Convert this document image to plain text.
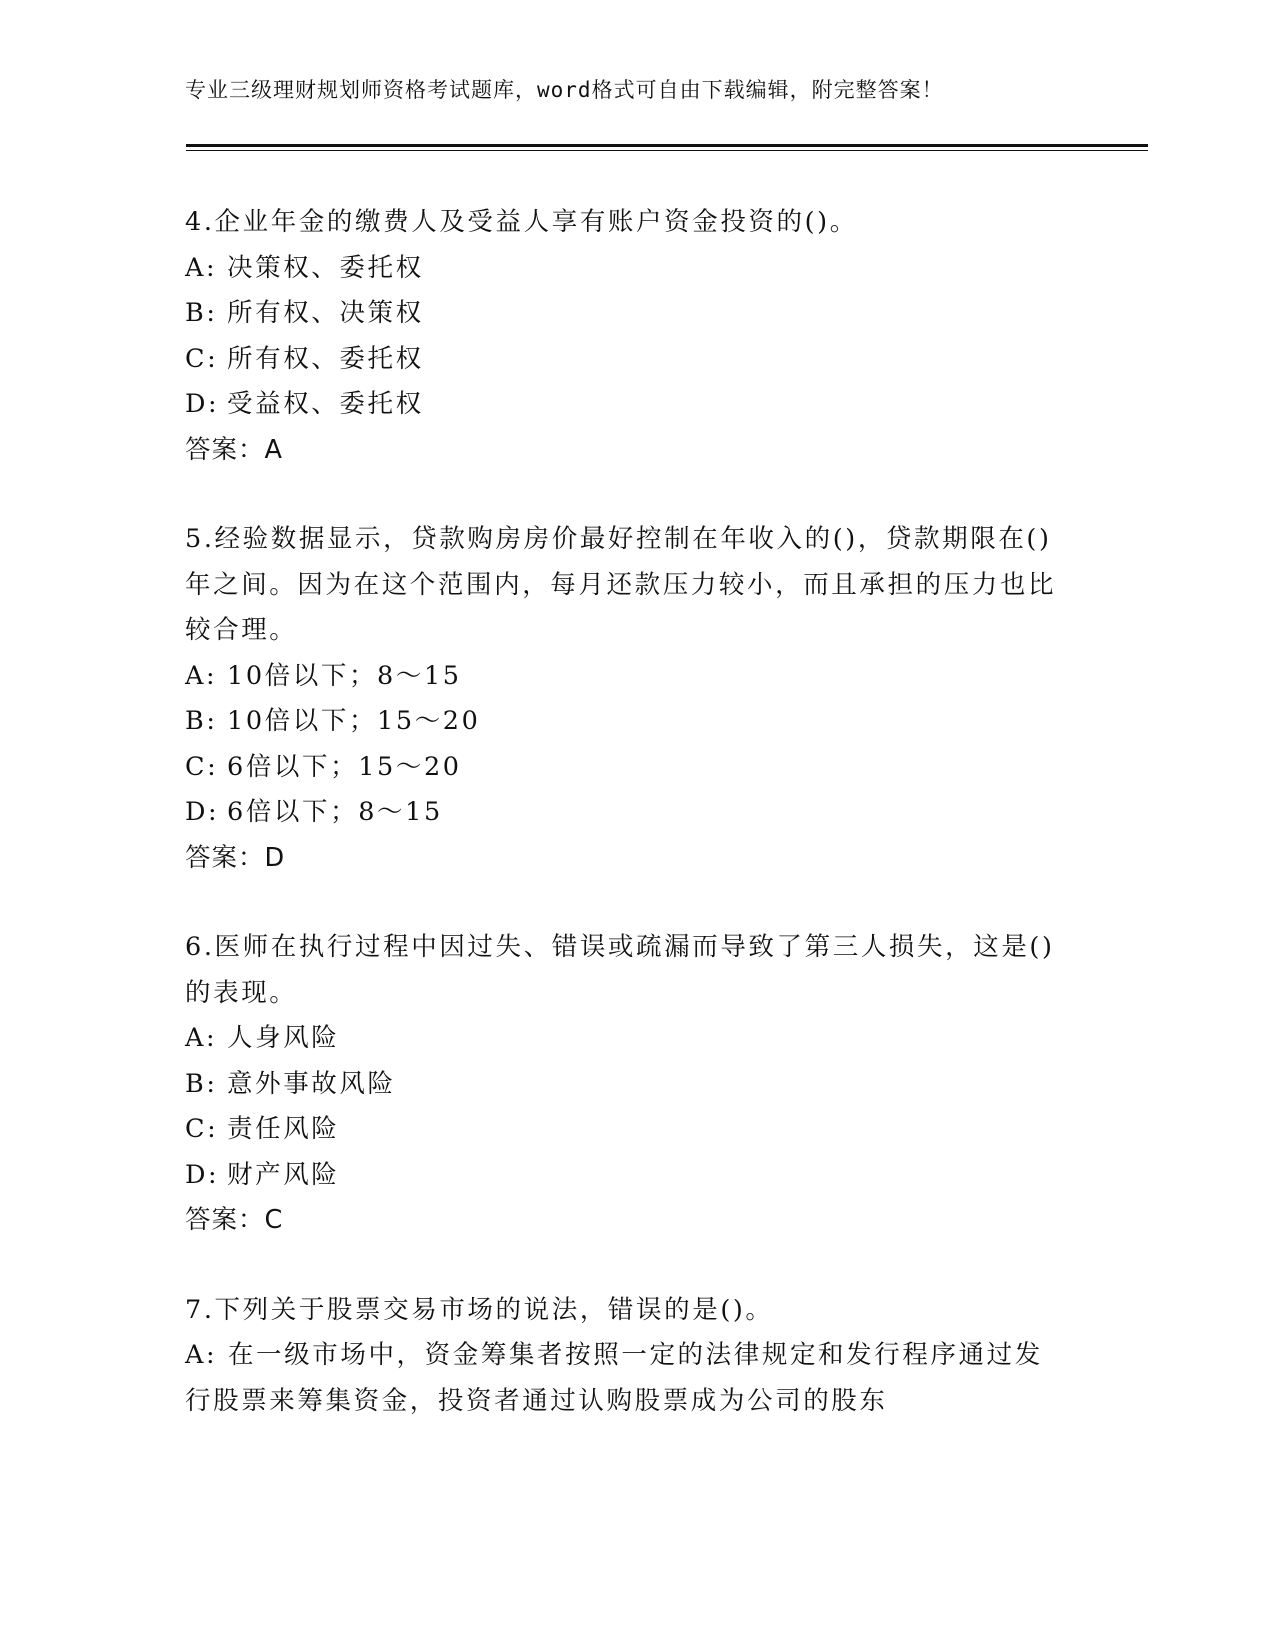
专业三级理财规划师资格考试题库，word格式可自由下载编辑，附完整答案！
4.企业年金的缴费人及受益人享有账户资金投资的()。
A: 决策权、委托权
B: 所有权、决策权
C: 所有权、委托权
D: 受益权、委托权
答案：A
5.经验数据显示，贷款购房房价最好控制在年收入的()，贷款期限在()年之间。因为在这个范围内，每月还款压力较小，而且承担的压力也比较合理。
A: 10倍以下；8～15
B: 10倍以下；15～20
C: 6倍以下；15～20
D: 6倍以下；8～15
答案：D
6.医师在执行过程中因过失、错误或疏漏而导致了第三人损失，这是()的表现。
A: 人身风险
B: 意外事故风险
C: 责任风险
D: 财产风险
答案：C
7.下列关于股票交易市场的说法，错误的是()。
A: 在一级市场中，资金筹集者按照一定的法律规定和发行程序通过发行股票来筹集资金，投资者通过认购股票成为公司的股东
